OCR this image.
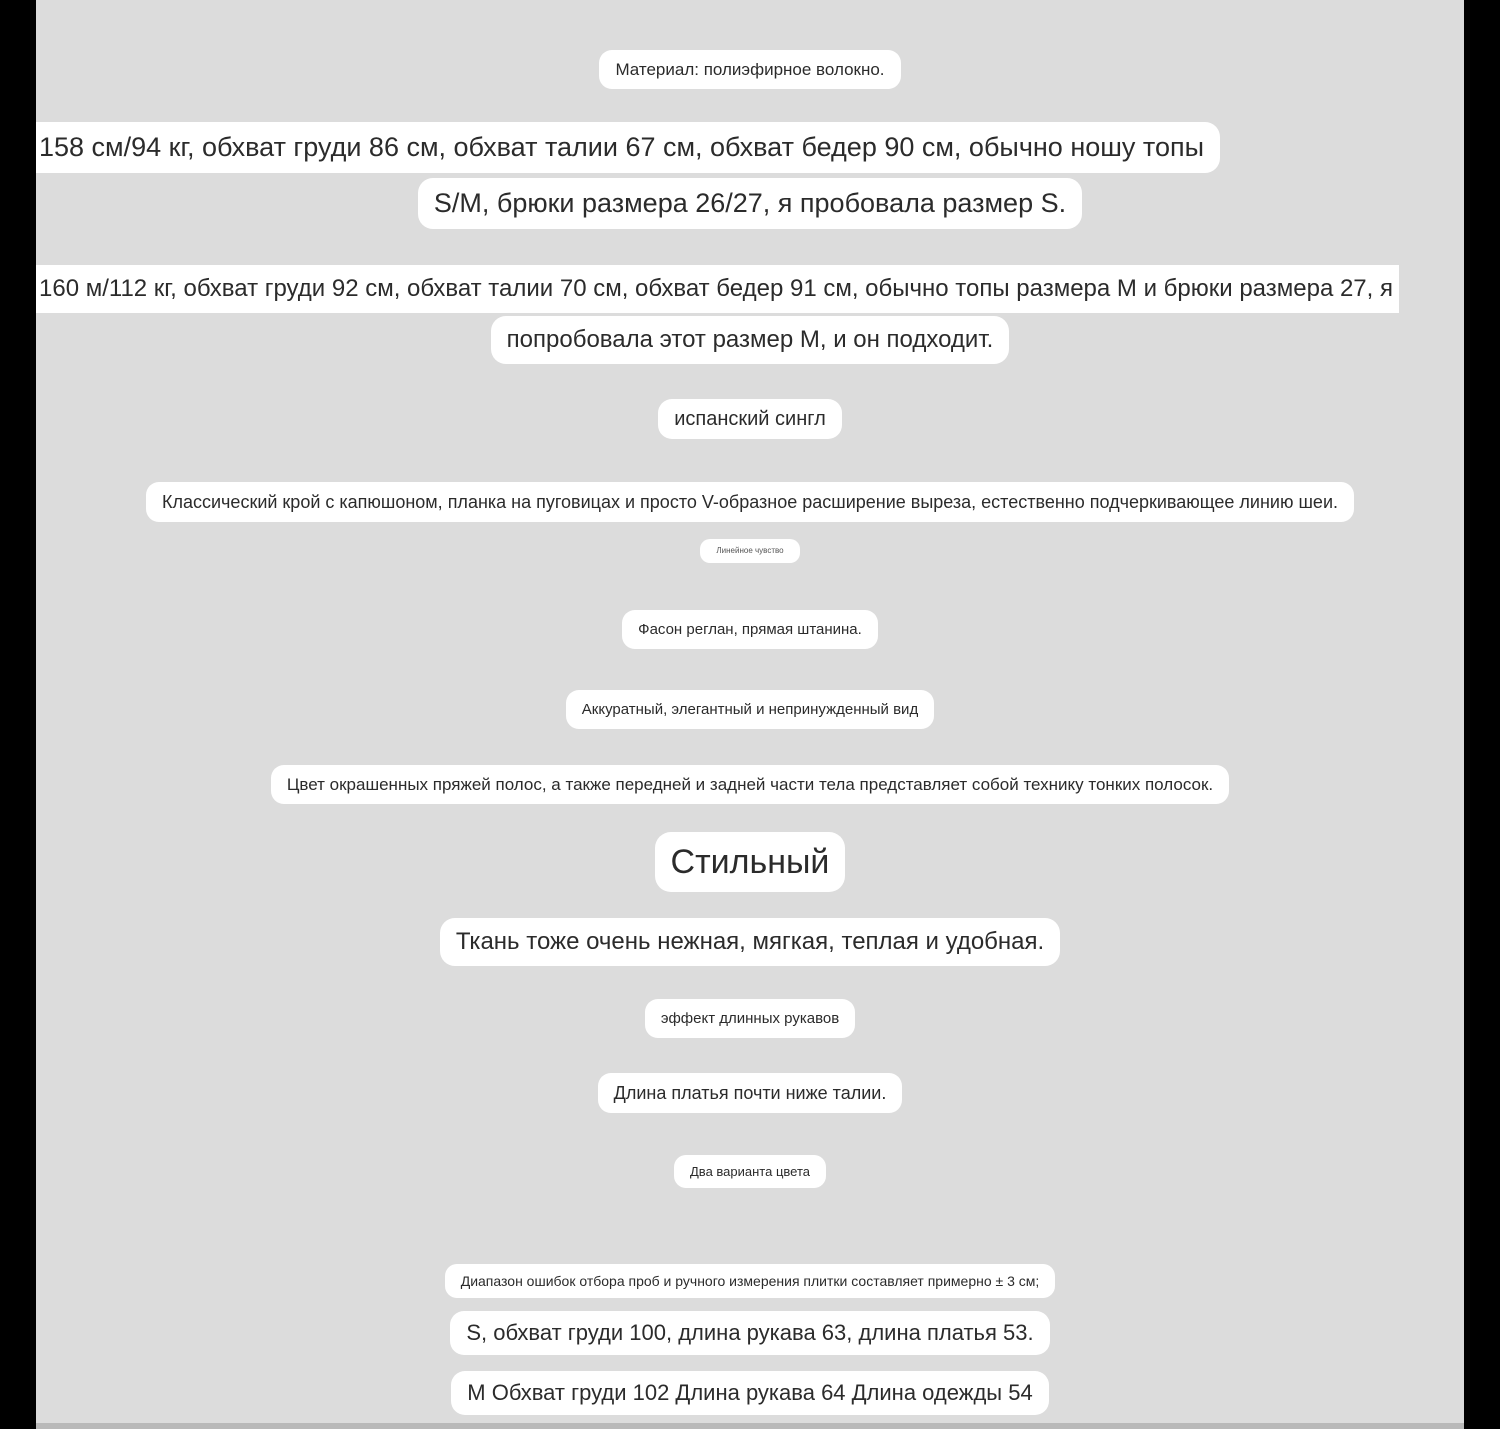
Материал: полиэфирное волокно.
158 см/94 кг, обхват груди 86 см, обхват талии 67 см, обхват бедер 90 см, обычно ношу топы
S/M, брюки размера 26/27, я пробовала размер S.
160 м/112 кг, обхват груди 92 см, обхват талии 70 см, обхват бедер 91 см, обычно топы размера M и брюки размера 27, я
попробовала этот размер М, и он подходит.
испанский сингл
Классический крой с капюшоном, планка на пуговицах и просто V-образное расширение выреза, естественно подчеркивающее линию шеи.
Линейное чувство
Фасон реглан, прямая штанина.
Аккуратный, элегантный и непринужденный вид
Цвет окрашенных пряжей полос, а также передней и задней части тела представляет собой технику тонких полосок.
Стильный
Ткань тоже очень нежная, мягкая, теплая и удобная.
эффект длинных рукавов
Длина платья почти ниже талии.
Два варианта цвета
Диапазон ошибок отбора проб и ручного измерения плитки составляет примерно ± 3 см;
S, обхват груди 100, длина рукава 63, длина платья 53.
M Обхват груди 102 Длина рукава 64 Длина одежды 54
